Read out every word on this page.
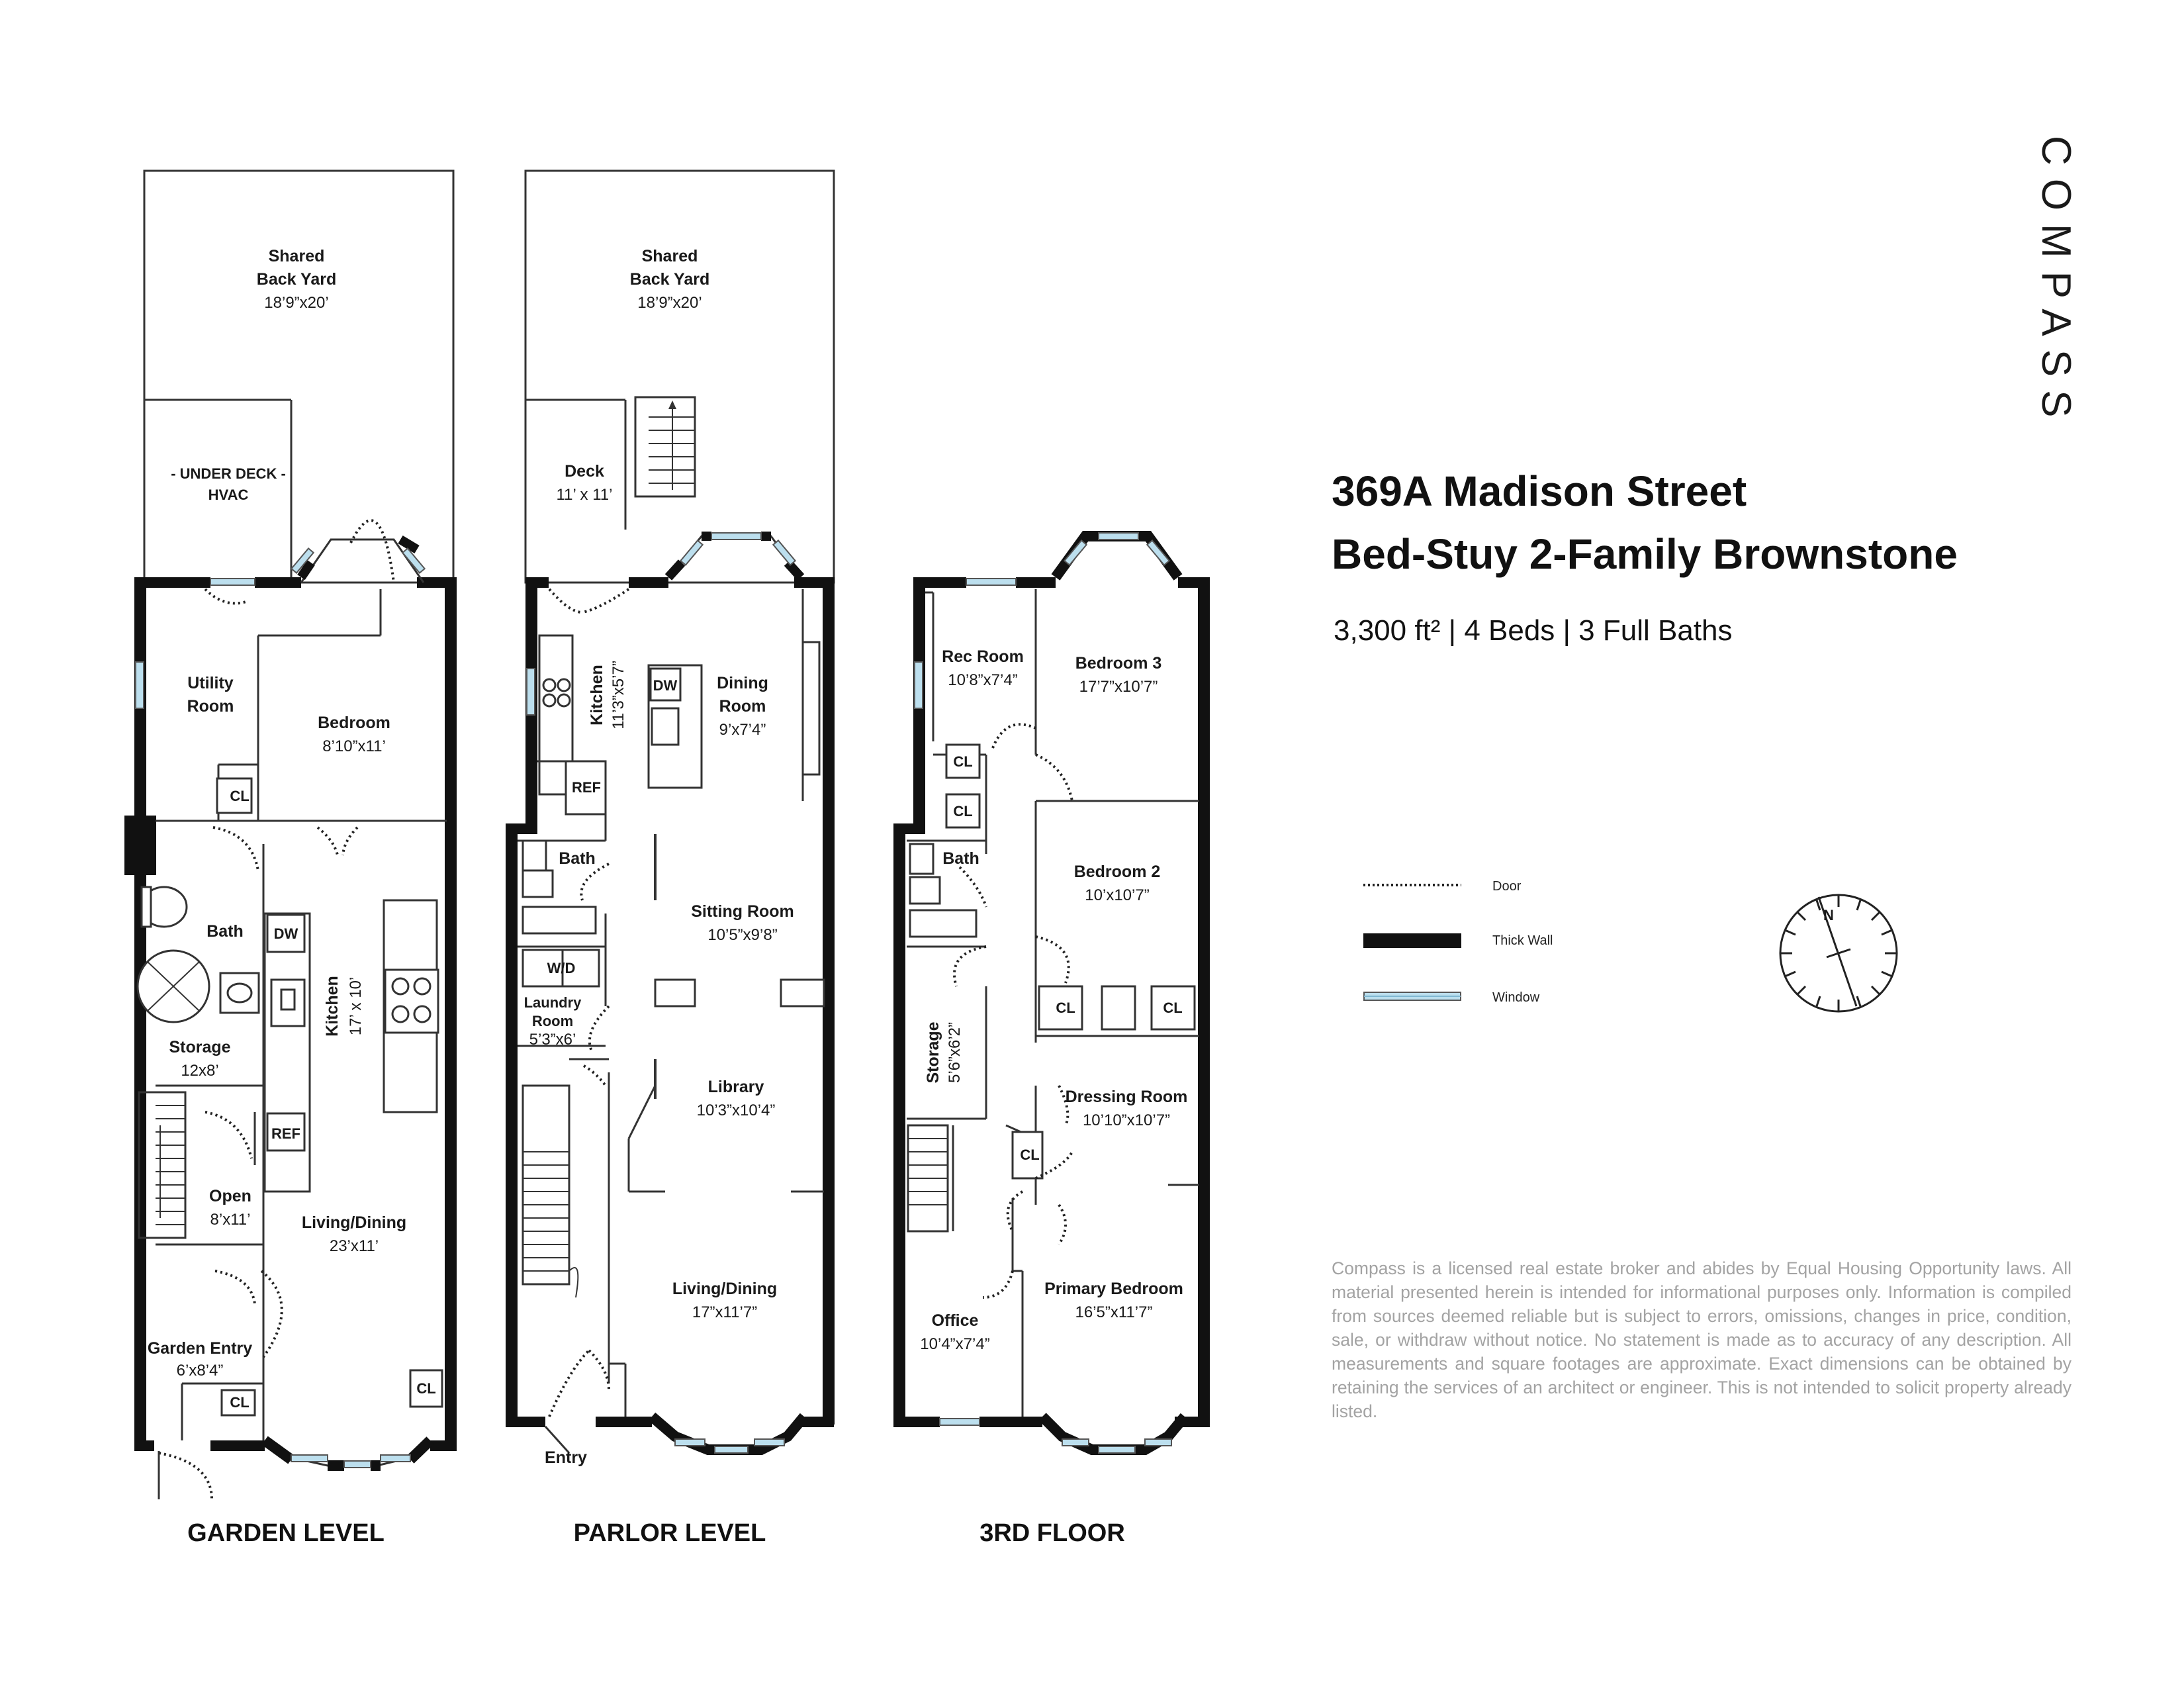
Shared
Back Yard
18’9”x20’
- UNDER DECK -
HVAC
Utility
Room
Bedroom
8’10”x11’
CL
Bath DW
Kitchen 17’ x 10’
Storage
12x8’
REF
Open
8’x11’	Living/Dining
23’x11’
Garden Entry
6’x8’4”
CL
CL
GARDEN LEVEL
Shared
Back Yard
18’9”x20’
Deck
11’ x 11’
Kitchen 11’3”x5’7” DW Dining
Room
9’x7’4”
REF
Bath
Sitting Room
10’5”x9’8”
W/D
Laundry
Room
5’3”x6’
Library
10’3”x10’4”
Living/Dining
17”x11’7”
Entry
PARLOR LEVEL
Rec Room
10’8”x7’4”
Bedroom 3
17’7”x10’7”
CL
CL
Bath
Bedroom 2
10’x10’7”
CL	CL
Storage 5’6”x6’2”
Dressing Room
10’10”x10’7”
CL
Office
10’4”x7’4”
Primary Bedroom
16’5”x11’7”
3RD FLOOR
N
COMPASS
369A Madison Street
Bed-Stuy 2-Family Brownstone
3,300 ft² | 4 Beds | 3 Full Baths
Door
Thick Wall
Window
Compass is a licensed real estate broker and abides by Equal Housing Opportunity laws. All material presented herein is intended for informational purposes only. Information is compiled from sources deemed reliable but is subject to errors, omissions, changes in price, condition, sale, or withdraw without notice. No statement is made as to accuracy of any description. All measurements and square footages are approximate. Exact dimensions can be obtained by retaining the services of an architect or engineer. This is not intended to solicit property already listed.
